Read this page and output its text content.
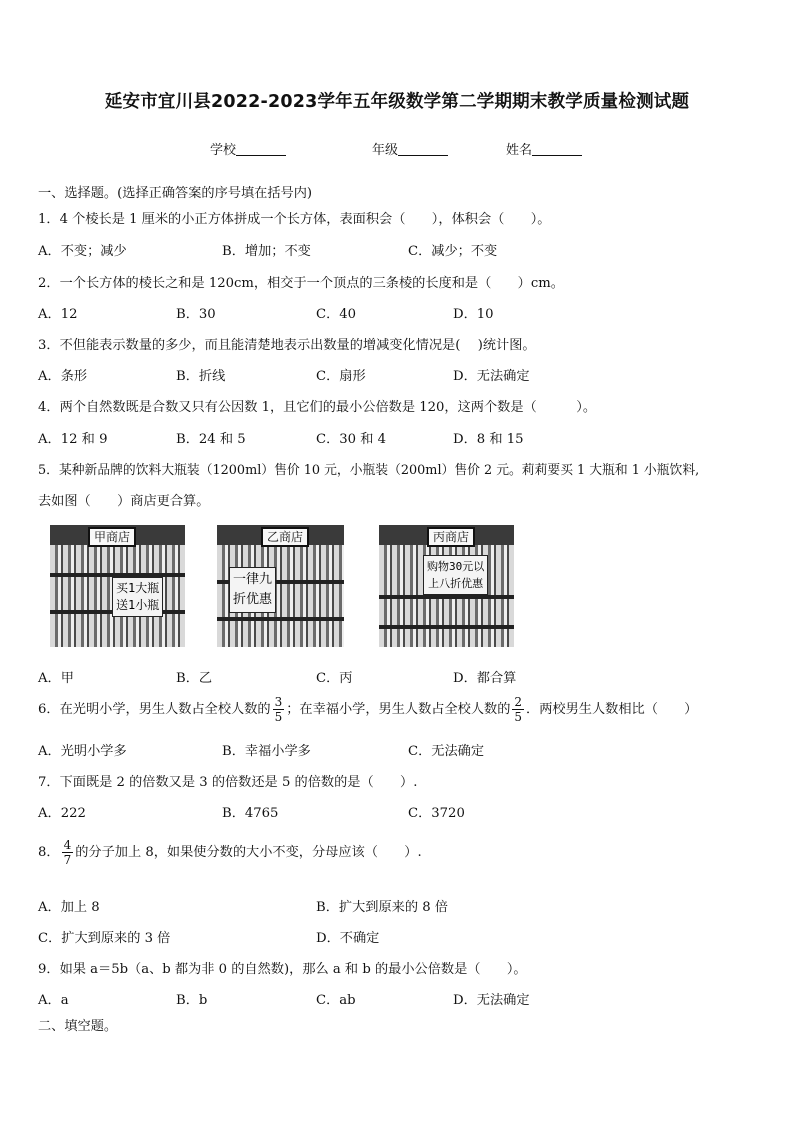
延安市宜川县2022-2023学年五年级数学第二学期期末教学质量检测试题
学校	年级	姓名
一、选择题。(选择正确答案的序号填在括号内)
1．4 个棱长是 1 厘米的小正方体拼成一个长方体，表面积会（　　），体积会（　　）。
A．不变；减少	B．增加；不变	C．减少；不变
2．一个长方体的棱长之和是 120cm，相交于一个顶点的三条棱的长度和是（　　）cm。
A．12	B．30	C．40	D．10
3．不但能表示数量的多少，而且能清楚地表示出数量的增减变化情况是(　 )统计图。
A．条形	B．折线	C．扇形	D．无法确定
4．两个自然数既是合数又只有公因数 1，且它们的最小公倍数是 120，这两个数是（　　　）。
A．12 和 9	B．24 和 5	C．30 和 4	D．8 和 15
5．某种新品牌的饮料大瓶装（1200ml）售价 10 元，小瓶装（200ml）售价 2 元。莉莉要买 1 大瓶和 1 小瓶饮料,
去如图（　　）商店更合算。
甲商店
买1大瓶
送1小瓶
乙商店
一律九
折优惠
丙商店
购物30元以
上八折优惠
A．甲	B．乙	C．丙	D．都合算
6．在光明小学，男生人数占全校人数的 $\frac{3}{5}$ ；在幸福小学，男生人数占全校人数的 $\frac{2}{5}$ ．两校男生人数相比（　　）
A．光明小学多	B．幸福小学多	C．无法确定
7．下面既是 2 的倍数又是 3 的倍数还是 5 的倍数的是（　　）.
A．222	B．4765	C．3720
8． $\frac{4}{7}$ 的分子加上 8，如果使分数的大小不变，分母应该（　　）.
A．加上 8	B．扩大到原来的 8 倍
C．扩大到原来的 3 倍	D．不确定
9．如果 a＝5b（a、b 都为非 0 的自然数)，那么 a 和 b 的最小公倍数是（　　）。
A．a	B．b	C．ab	D．无法确定
二、填空题。
